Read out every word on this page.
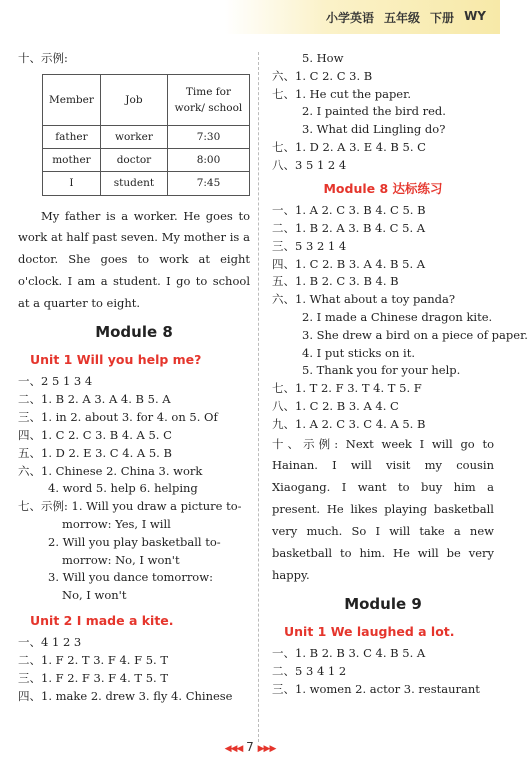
小学英语 五年级 下册 WY
十、示例:
Member	Job	Time for work/ school
father	worker	7:30
mother	doctor	8:00
I	student	7:45
My father is a worker. He goes to work at half past seven. My mother is a doctor. She goes to work at eight o'clock. I am a student. I go to school at a quarter to eight.
Module 8
Unit 1 Will you help me?
一、2 5 1 3 4
二、1. B 2. A 3. A 4. B 5. A
三、1. in 2. about 3. for 4. on 5. Of
四、1. C 2. C 3. B 4. A 5. C
五、1. D 2. E 3. C 4. A 5. B
六、1. Chinese 2. China 3. work
4. word 5. help 6. helping
七、示例: 1. Will you draw a picture to-
morrow: Yes, I will
2. Will you play basketball to-
morrow: No, I won't
3. Will you dance tomorrow:
No, I won't
Unit 2 I made a kite.
一、4 1 2 3
二、1. F 2. T 3. F 4. F 5. T
三、1. F 2. F 3. F 4. T 5. T
四、1. make 2. drew 3. fly 4. Chinese
5. How
六、1. C 2. C 3. B
七、1. He cut the paper.
2. I painted the bird red.
3. What did Lingling do?
七、1. D 2. A 3. E 4. B 5. C
八、3 5 1 2 4
Module 8 达标练习
一、1. A 2. C 3. B 4. C 5. B
二、1. B 2. A 3. B 4. C 5. A
三、5 3 2 1 4
四、1. C 2. B 3. A 4. B 5. A
五、1. B 2. C 3. B 4. B
六、1. What about a toy panda?
2. I made a Chinese dragon kite.
3. She drew a bird on a piece of paper.
4. I put sticks on it.
5. Thank you for your help.
七、1. T 2. F 3. T 4. T 5. F
八、1. C 2. B 3. A 4. C
九、1. A 2. C 3. C 4. A 5. B
十、示例: Next week I will go to Hainan. I will visit my cousin Xiaogang. I want to buy him a present. He likes playing basketball very much. So I will take a new basketball to him. He will be very happy.
Module 9
Unit 1 We laughed a lot.
一、1. B 2. B 3. C 4. B 5. A
二、5 3 4 1 2
三、1. women 2. actor 3. restaurant
◀◀◀ 7 ▶▶▶
